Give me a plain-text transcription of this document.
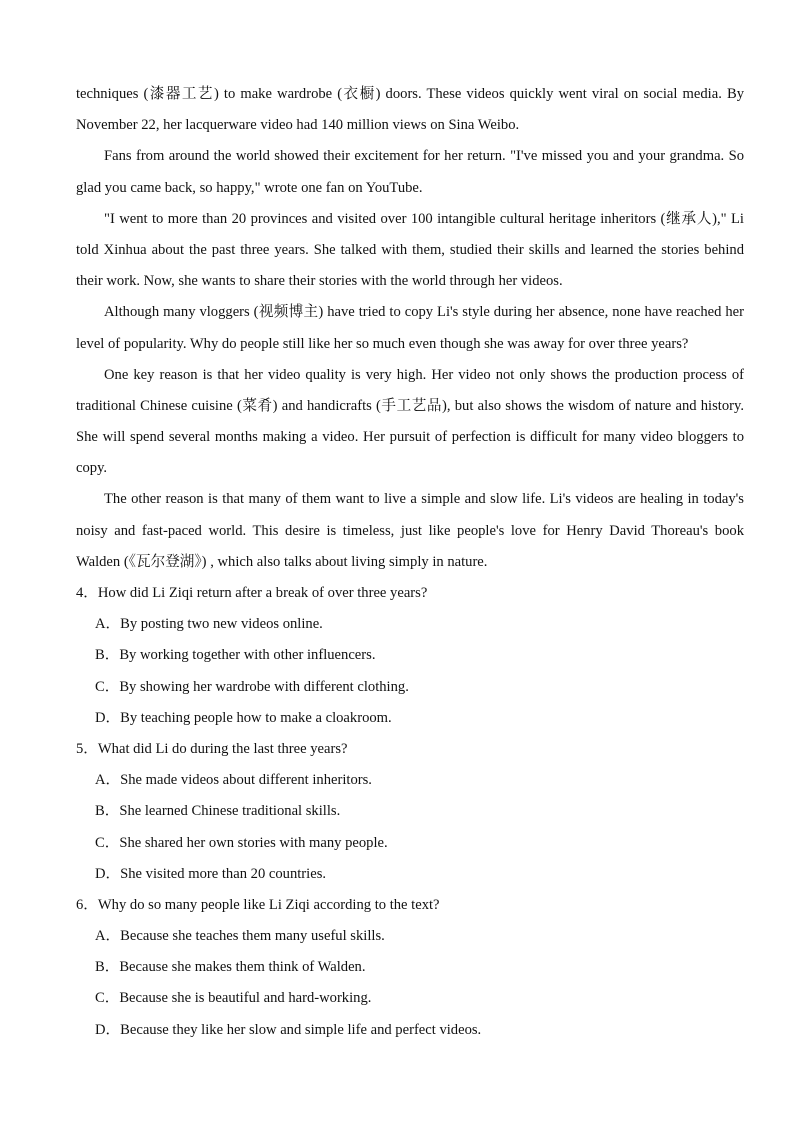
techniques (漆器工艺) to make wardrobe (衣橱) doors. These videos quickly went viral on social media. By
November 22, her lacquerware video had 140 million views on Sina Weibo.
Fans from around the world showed their excitement for her return. "I've missed you and your grandma. So
glad you came back, so happy," wrote one fan on YouTube.
"I went to more than 20 provinces and visited over 100 intangible cultural heritage inheritors (继承人)," Li
told Xinhua about the past three years. She talked with them, studied their skills and learned the stories behind
their work. Now, she wants to share their stories with the world through her videos.
Although many vloggers (视频博主) have tried to copy Li's style during her absence, none have reached her
level of popularity. Why do people still like her so much even though she was away for over three years?
One key reason is that her video quality is very high. Her video not only shows the production process of
traditional Chinese cuisine (菜肴) and handicrafts (手工艺品), but also shows the wisdom of nature and history.
She will spend several months making a video. Her pursuit of perfection is difficult for many video bloggers to
copy.
The other reason is that many of them want to live a simple and slow life. Li's videos are healing in today's
noisy and fast-paced world. This desire is timeless, just like people's love for Henry David Thoreau's book
Walden (《瓦尔登湖》) , which also talks about living simply in nature.
4．How did Li Ziqi return after a break of over three years?
A．By posting two new videos online.
B．By working together with other influencers.
C．By showing her wardrobe with different clothing.
D．By teaching people how to make a cloakroom.
5．What did Li do during the last three years?
A．She made videos about different inheritors.
B．She learned Chinese traditional skills.
C．She shared her own stories with many people.
D．She visited more than 20 countries.
6．Why do so many people like Li Ziqi according to the text?
A．Because she teaches them many useful skills.
B．Because she makes them think of Walden.
C．Because she is beautiful and hard-working.
D．Because they like her slow and simple life and perfect videos.
